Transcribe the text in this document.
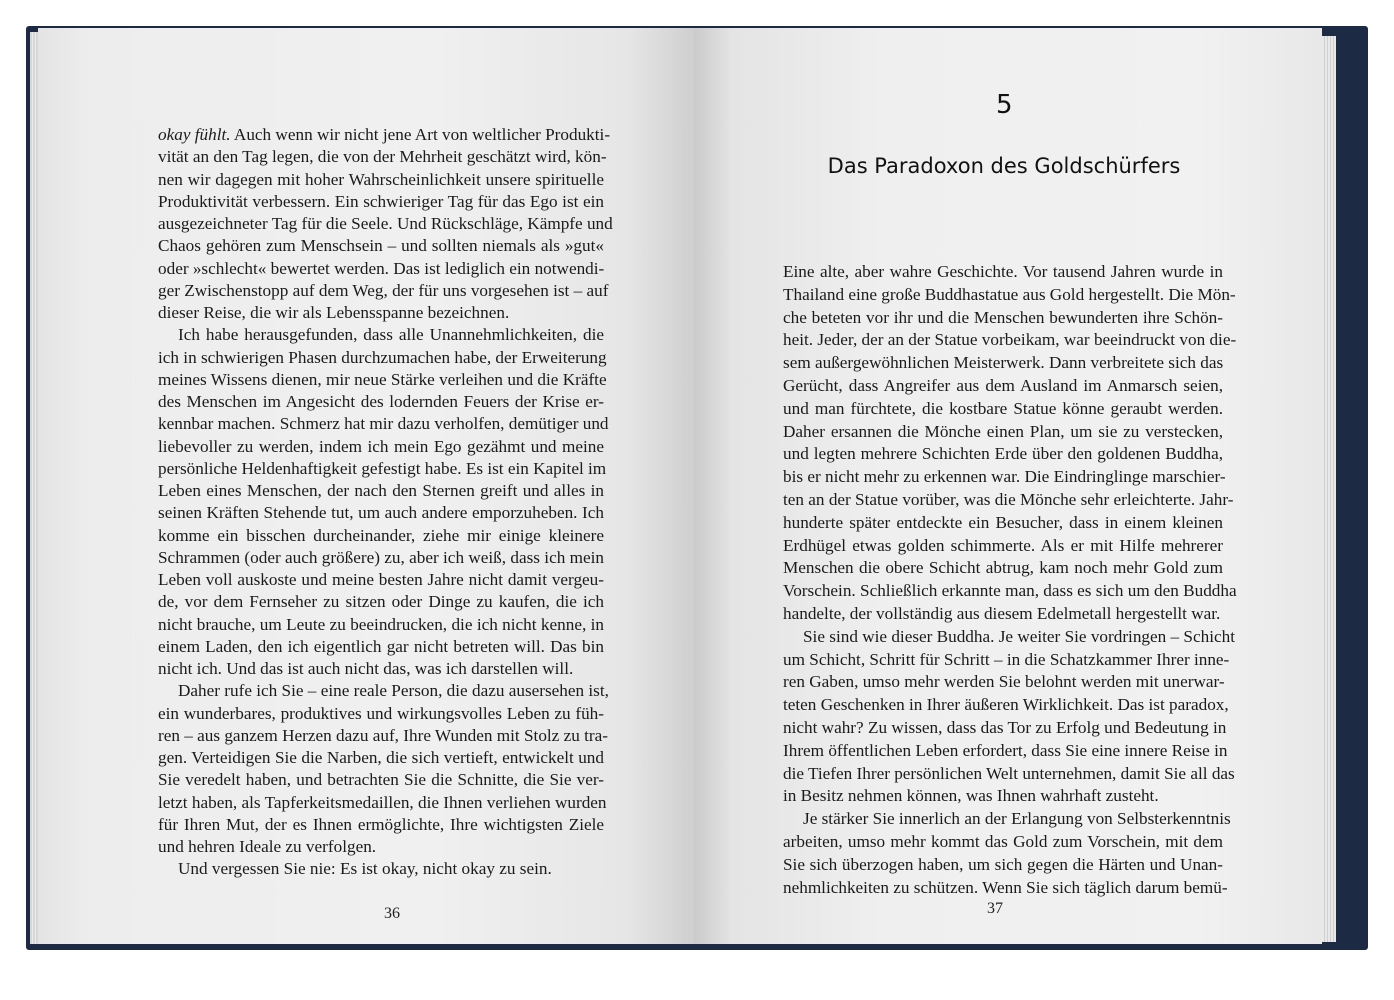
okay fühlt. Auch wenn wir nicht jene Art von weltlicher Produkti-
vität an den Tag legen, die von der Mehrheit geschätzt wird, kön-
nen wir dagegen mit hoher Wahrscheinlichkeit unsere spirituelle
Produktivität verbessern. Ein schwieriger Tag für das Ego ist ein
ausgezeichneter Tag für die Seele. Und Rückschläge, Kämpfe und
Chaos gehören zum Menschsein – und sollten niemals als »gut«
oder »schlecht« bewertet werden. Das ist lediglich ein notwendi-
ger Zwischenstopp auf dem Weg, der für uns vorgesehen ist – auf
dieser Reise, die wir als Lebensspanne bezeichnen.
Ich habe herausgefunden, dass alle Unannehmlichkeiten, die
ich in schwierigen Phasen durchzumachen habe, der Erweiterung
meines Wissens dienen, mir neue Stärke verleihen und die Kräfte
des Menschen im Angesicht des lodernden Feuers der Krise er-
kennbar machen. Schmerz hat mir dazu verholfen, demütiger und
liebevoller zu werden, indem ich mein Ego gezähmt und meine
persönliche Heldenhaftigkeit gefestigt habe. Es ist ein Kapitel im
Leben eines Menschen, der nach den Sternen greift und alles in
seinen Kräften Stehende tut, um auch andere emporzuheben. Ich
komme ein bisschen durcheinander, ziehe mir einige kleinere
Schrammen (oder auch größere) zu, aber ich weiß, dass ich mein
Leben voll auskoste und meine besten Jahre nicht damit vergeu-
de, vor dem Fernseher zu sitzen oder Dinge zu kaufen, die ich
nicht brauche, um Leute zu beeindrucken, die ich nicht kenne, in
einem Laden, den ich eigentlich gar nicht betreten will. Das bin
nicht ich. Und das ist auch nicht das, was ich darstellen will.
Daher rufe ich Sie – eine reale Person, die dazu ausersehen ist,
ein wunderbares, produktives und wirkungsvolles Leben zu füh-
ren – aus ganzem Herzen dazu auf, Ihre Wunden mit Stolz zu tra-
gen. Verteidigen Sie die Narben, die sich vertieft, entwickelt und
Sie veredelt haben, und betrachten Sie die Schnitte, die Sie ver-
letzt haben, als Tapferkeitsmedaillen, die Ihnen verliehen wurden
für Ihren Mut, der es Ihnen ermöglichte, Ihre wichtigsten Ziele
und hehren Ideale zu verfolgen.
Und vergessen Sie nie: Es ist okay, nicht okay zu sein.
36
5
Das Paradoxon des Goldschürfers
Eine alte, aber wahre Geschichte. Vor tausend Jahren wurde in
Thailand eine große Buddhastatue aus Gold hergestellt. Die Mön-
che beteten vor ihr und die Menschen bewunderten ihre Schön-
heit. Jeder, der an der Statue vorbeikam, war beeindruckt von die-
sem außergewöhnlichen Meisterwerk. Dann verbreitete sich das
Gerücht, dass Angreifer aus dem Ausland im Anmarsch seien,
und man fürchtete, die kostbare Statue könne geraubt werden.
Daher ersannen die Mönche einen Plan, um sie zu verstecken,
und legten mehrere Schichten Erde über den goldenen Buddha,
bis er nicht mehr zu erkennen war. Die Eindringlinge marschier-
ten an der Statue vorüber, was die Mönche sehr erleichterte. Jahr-
hunderte später entdeckte ein Besucher, dass in einem kleinen
Erdhügel etwas golden schimmerte. Als er mit Hilfe mehrerer
Menschen die obere Schicht abtrug, kam noch mehr Gold zum
Vorschein. Schließlich erkannte man, dass es sich um den Buddha
handelte, der vollständig aus diesem Edelmetall hergestellt war.
Sie sind wie dieser Buddha. Je weiter Sie vordringen – Schicht
um Schicht, Schritt für Schritt – in die Schatzkammer Ihrer inne-
ren Gaben, umso mehr werden Sie belohnt werden mit unerwar-
teten Geschenken in Ihrer äußeren Wirklichkeit. Das ist paradox,
nicht wahr? Zu wissen, dass das Tor zu Erfolg und Bedeutung in
Ihrem öffentlichen Leben erfordert, dass Sie eine innere Reise in
die Tiefen Ihrer persönlichen Welt unternehmen, damit Sie all das
in Besitz nehmen können, was Ihnen wahrhaft zusteht.
Je stärker Sie innerlich an der Erlangung von Selbsterkenntnis
arbeiten, umso mehr kommt das Gold zum Vorschein, mit dem
Sie sich überzogen haben, um sich gegen die Härten und Unan-
nehmlichkeiten zu schützen. Wenn Sie sich täglich darum bemü-
37
